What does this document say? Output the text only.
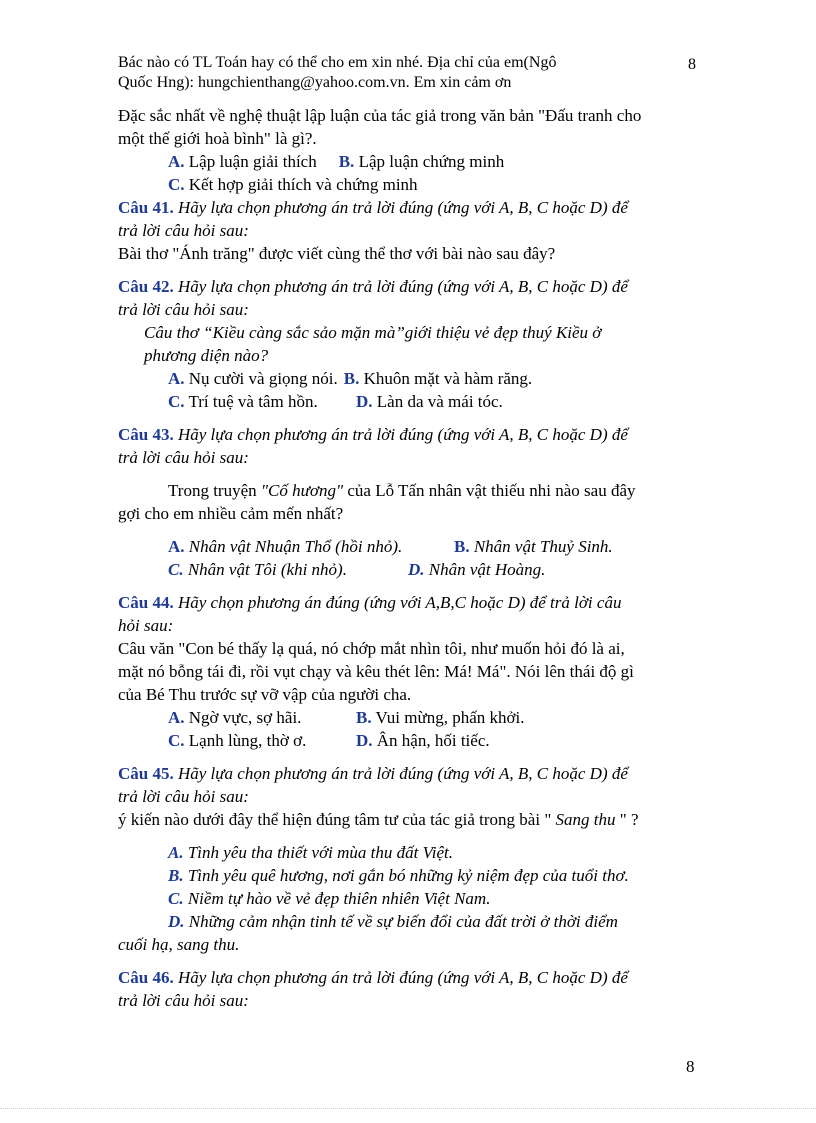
Bác nào có TL Toán hay có thể cho em xin nhé. Địa chỉ của em(Ngô

Quốc Hng): hungchienthang@yahoo.com.vn. Em xin cảm ơn

8

Đặc sắc nhất về nghệ thuật lập luận của tác giả trong văn bản "Đấu tranh cho

một thế giới hoà bình" là gì?.

A. Lập luận giải thích B. Lập luận chứng minh

C. Kết hợp giải thích và chứng minh

Câu 41. Hãy lựa chọn phương án trả lời đúng (ứng với A, B, C hoặc D) để

trả lời câu hỏi sau:

Bài thơ "Ánh trăng" được viết cùng thể thơ với bài nào sau đây?

Câu 42. Hãy lựa chọn phương án trả lời đúng (ứng với A, B, C hoặc D) để

trả lời câu hỏi sau:

Câu thơ “Kiều càng sắc sảo mặn mà”giới thiệu vẻ đẹp thuý Kiều ở

phương diện nào?

A. Nụ cười và giọng nói. B. Khuôn mặt và hàm răng.

C. Trí tuệ và tâm hồn. D. Làn da và mái tóc.

Câu 43. Hãy lựa chọn phương án trả lời đúng (ứng với A, B, C hoặc D) để

trả lời câu hỏi sau:

Trong truyện "Cố hương" của Lỗ Tấn nhân vật thiếu nhi nào sau đây

gợi cho em nhiều cảm mến nhất?

A. Nhân vật Nhuận Thổ (hồi nhỏ).	B. Nhân vật Thuỷ Sinh.

C. Nhân vật Tôi (khi nhỏ).	D. Nhân vật Hoàng.

Câu 44. Hãy chọn phương án đúng (ứng với A,B,C hoặc D) để trả lời câu

hỏi sau:

Câu văn "Con bé thấy lạ quá, nó chớp mắt nhìn tôi, như muốn hỏi đó là ai,

mặt nó bỗng tái đi, rồi vụt chạy và kêu thét lên: Má! Má". Nói lên thái độ gì

của Bé Thu trước sự vỡ vập của người cha.

A. Ngờ vực, sợ hãi.	B. Vui mừng, phấn khởi.

C. Lạnh lùng, thờ ơ.	D. Ân hận, hối tiếc.

Câu 45. Hãy lựa chọn phương án trả lời đúng (ứng với A, B, C hoặc D) để

trả lời câu hỏi sau:

ý kiến nào dưới đây thể hiện đúng tâm tư của tác giả trong bài " Sang thu " ?

A. Tình yêu tha thiết với mùa thu đất Việt.

B. Tình yêu quê hương, nơi gắn bó những kỷ niệm đẹp của tuổi thơ.

C. Niềm tự hào về vẻ đẹp thiên nhiên Việt Nam.

D. Những cảm nhận tinh tế về sự biến đổi của đất trời ở thời điểm

cuối hạ, sang thu.

Câu 46. Hãy lựa chọn phương án trả lời đúng (ứng với A, B, C hoặc D) để

trả lời câu hỏi sau:

8
